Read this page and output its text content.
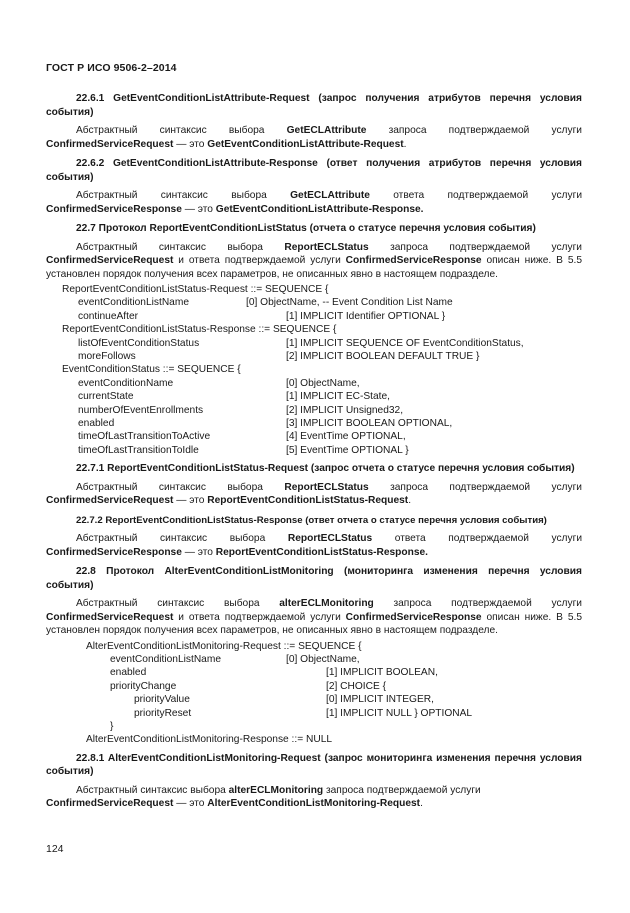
ГОСТ Р ИСО 9506-2–2014
22.6.1 GetEventConditionListAttribute-Request (запрос получения атрибутов перечня условия события)
Абстрактный синтаксис выбора GetECLAttribute запроса подтверждаемой услуги ConfirmedServiceRequest — это GetEventConditionListAttribute-Request.
22.6.2 GetEventConditionListAttribute-Response (ответ получения атрибутов перечня условия события)
Абстрактный синтаксис выбора GetECLAttribute ответа подтверждаемой услуги ConfirmedServiceResponse — это GetEventConditionListAttribute-Response.
22.7 Протокол ReportEventConditionListStatus (отчета о статусе перечня условия события)
Абстрактный синтаксис выбора ReportECLStatus запроса подтверждаемой услуги ConfirmedServiceRequest и ответа подтверждаемой услуги ConfirmedServiceResponse описан ниже. В 5.5 установлен порядок получения всех параметров, не описанных явно в настоящем подразделе.
ReportEventConditionListStatus-Request ::= SEQUENCE {
eventConditionListName	[0] ObjectName, -- Event Condition List Name
continueAfter	[1] IMPLICIT Identifier OPTIONAL }
ReportEventConditionListStatus-Response ::= SEQUENCE {
listOfEventConditionStatus	[1] IMPLICIT SEQUENCE OF EventConditionStatus,
moreFollows	[2] IMPLICIT BOOLEAN DEFAULT TRUE }
EventConditionStatus ::= SEQUENCE {
eventConditionName	[0] ObjectName,
currentState	[1] IMPLICIT EC-State,
numberOfEventEnrollments	[2] IMPLICIT Unsigned32,
enabled	[3] IMPLICIT BOOLEAN OPTIONAL,
timeOfLastTransitionToActive	[4] EventTime OPTIONAL,
timeOfLastTransitionToIdle	[5] EventTime OPTIONAL }
22.7.1 ReportEventConditionListStatus-Request (запрос отчета о статусе перечня условия события)
Абстрактный синтаксис выбора ReportECLStatus запроса подтверждаемой услуги ConfirmedServiceRequest — это ReportEventConditionListStatus-Request.
22.7.2 ReportEventConditionListStatus-Response (ответ отчета о статусе перечня условия события)
Абстрактный синтаксис выбора ReportECLStatus ответа подтверждаемой услуги ConfirmedServiceResponse — это ReportEventConditionListStatus-Response.
22.8 Протокол AlterEventConditionListMonitoring (мониторинга изменения перечня условия события)
Абстрактный синтаксис выбора alterECLMonitoring запроса подтверждаемой услуги ConfirmedServiceRequest и ответа подтверждаемой услуги ConfirmedServiceResponse описан ниже. В 5.5 установлен порядок получения всех параметров, не описанных явно в настоящем подразделе.
AlterEventConditionListMonitoring-Request ::= SEQUENCE {
eventConditionListName	[0] ObjectName,
enabled	[1] IMPLICIT BOOLEAN,
priorityChange	[2] CHOICE {
priorityValue	[0] IMPLICIT INTEGER,
priorityReset	[1] IMPLICIT NULL } OPTIONAL
}
AlterEventConditionListMonitoring-Response ::= NULL
22.8.1 AlterEventConditionListMonitoring-Request (запрос мониторинга изменения перечня условия события)
Абстрактный синтаксис выбора alterECLMonitoring запроса подтверждаемой услуги ConfirmedServiceRequest — это AlterEventConditionListMonitoring-Request.
124
